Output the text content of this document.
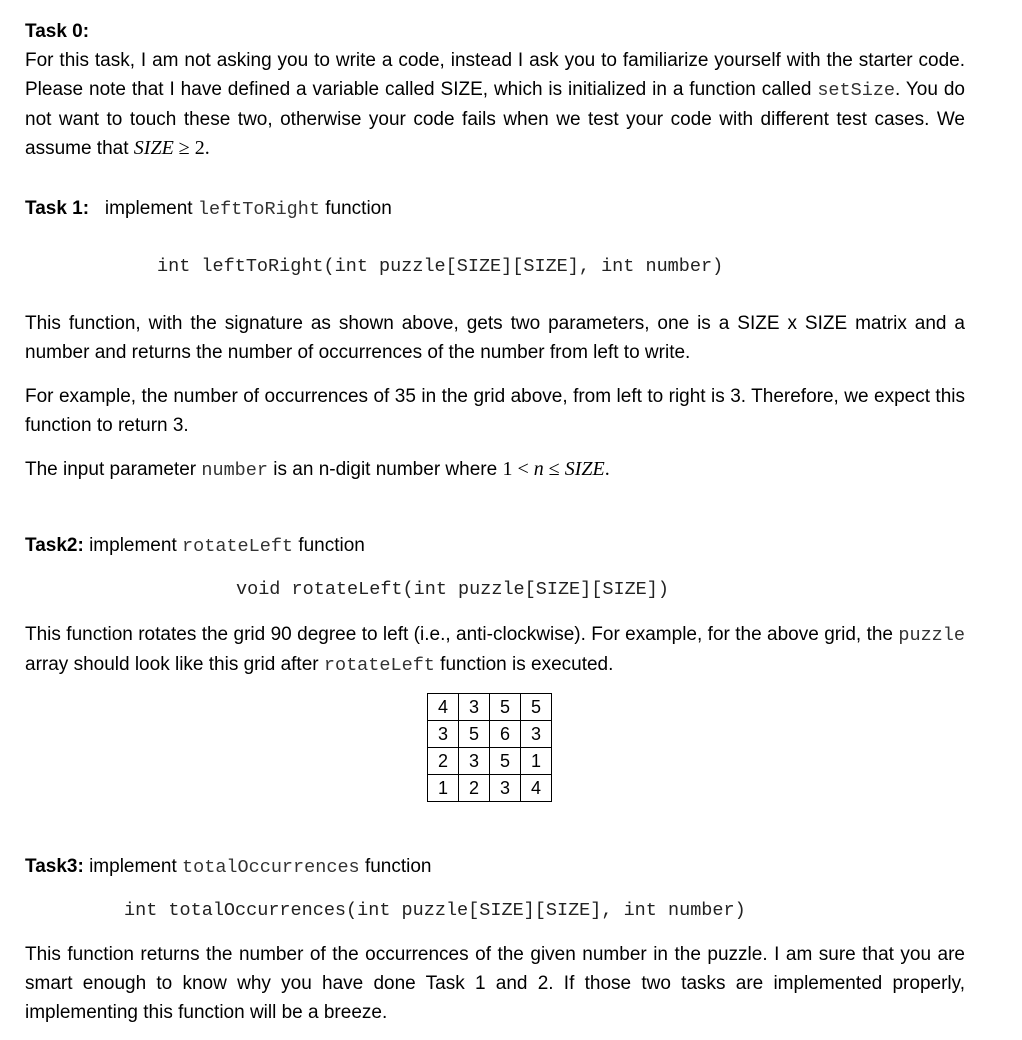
Task 0:

For this task, I am not asking you to write a code, instead I ask you to familiarize yourself with the starter code. Please note that I have defined a variable called SIZE, which is initialized in a function called setSize. You do not want to touch these two, otherwise your code fails when we test your code with different test cases. We assume that SIZE ≥ 2.

Task 1: implement leftToRight function
int leftToRight(int puzzle[SIZE][SIZE], int number)

This function, with the signature as shown above, gets two parameters, one is a SIZE x SIZE matrix and a number and returns the number of occurrences of the number from left to write.

For example, the number of occurrences of 35 in the grid above, from left to right is 3. Therefore, we expect this function to return 3.

The input parameter number is an n-digit number where 1 < n ≤ SIZE.

Task2: implement rotateLeft function
void rotateLeft(int puzzle[SIZE][SIZE])

This function rotates the grid 90 degree to left (i.e., anti-clockwise). For example, for the above grid, the puzzle array should look like this grid after rotateLeft function is executed.

4	3	5	5
3	5	6	3
2	3	5	1
1	2	3	4
Task3: implement totalOccurrences function
int totalOccurrences(int puzzle[SIZE][SIZE], int number)

This function returns the number of the occurrences of the given number in the puzzle. I am sure that you are smart enough to know why you have done Task 1 and 2. If those two tasks are implemented properly, implementing this function will be a breeze.
